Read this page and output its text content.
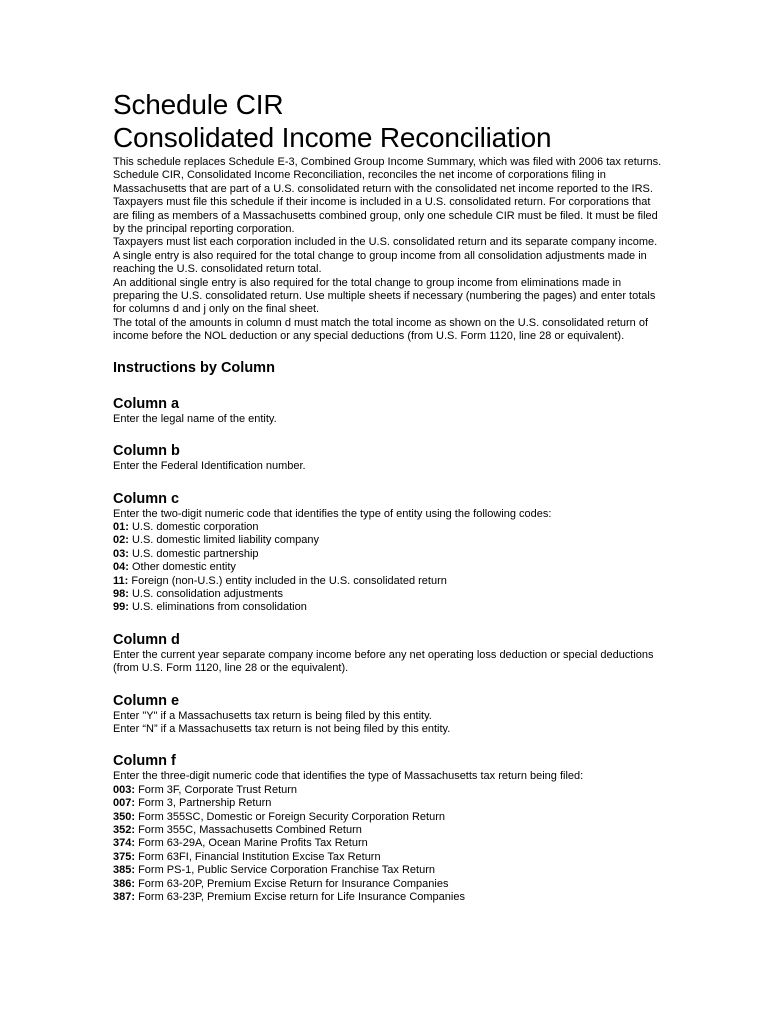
Schedule CIR
Consolidated Income Reconciliation

This schedule replaces Schedule E-3, Combined Group Income Summary, which was filed with 2006 tax returns.

Schedule CIR, Consolidated Income Reconciliation, reconciles the net income of corporations filing in Massachusetts that are part of a U.S. consolidated return with the consolidated net income reported to the IRS.

Taxpayers must file this schedule if their income is included in a U.S. consolidated return. For corporations that are filing as members of a Massachusetts combined group, only one schedule CIR must be filed. It must be filed by the principal reporting corporation.

Taxpayers must list each corporation included in the U.S. consolidated return and its separate company income. A single entry is also required for the total change to group income from all consolidation adjustments made in reaching the U.S. consolidated return total.

An additional single entry is also required for the total change to group income from eliminations made in preparing the U.S. consolidated return. Use multiple sheets if necessary (numbering the pages) and enter totals for columns d and j only on the final sheet.

The total of the amounts in column d must match the total income as shown on the U.S. consolidated return of income before the NOL deduction or any special deductions (from U.S. Form 1120, line 28 or equivalent).

Instructions by Column
Column a

Enter the legal name of the entity.

Column b

Enter the Federal Identification number.

Column c

Enter the two-digit numeric code that identifies the type of entity using the following codes:

01: U.S. domestic corporation
02: U.S. domestic limited liability company
03: U.S. domestic partnership
04: Other domestic entity
11: Foreign (non-U.S.) entity included in the U.S. consolidated return
98: U.S. consolidation adjustments
99: U.S. eliminations from consolidation
Column d

Enter the current year separate company income before any net operating loss deduction or special deductions (from U.S. Form 1120, line 28 or the equivalent).

Column e

Enter "Y" if a Massachusetts tax return is being filed by this entity.

Enter “N” if a Massachusetts tax return is not being filed by this entity.

Column f

Enter the three-digit numeric code that identifies the type of Massachusetts tax return being filed:

003: Form 3F, Corporate Trust Return
007: Form 3, Partnership Return
350: Form 355SC, Domestic or Foreign Security Corporation Return
352: Form 355C, Massachusetts Combined Return
374: Form 63-29A, Ocean Marine Profits Tax Return
375: Form 63FI, Financial Institution Excise Tax Return
385: Form PS-1, Public Service Corporation Franchise Tax Return
386: Form 63-20P, Premium Excise Return for Insurance Companies
387: Form 63-23P, Premium Excise return for Life Insurance Companies
